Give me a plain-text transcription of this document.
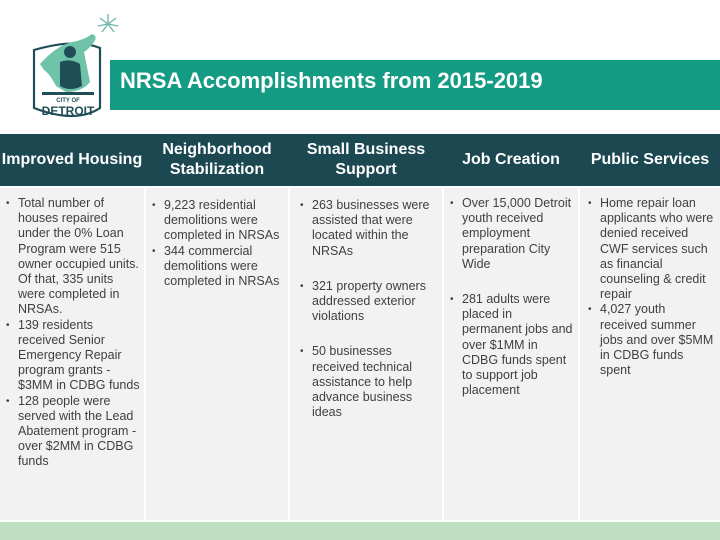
CITY OF
DETROIT
NRSA Accomplishments from 2015-2019
Improved Housing
Neighborhood Stabilization
Small Business Support
Job Creation	Public Services
• Total number of houses repaired under the 0% Loan Program were 515 owner occupied units. Of that, 335 units were completed in NRSAs.
• 139 residents received Senior Emergency Repair program grants - $3MM in CDBG funds
• 128 people were served with the Lead Abatement program - over $2MM in CDBG funds
• 9,223 residential demolitions were completed in NRSAs
• 344 commercial demolitions were completed in NRSAs
• 263 businesses were assisted that were located within the NRSAs
• 321 property owners addressed exterior violations
• 50 businesses received technical assistance to help advance business ideas
• Over 15,000 Detroit youth received employment preparation City Wide
• 281 adults were placed in permanent jobs and over $1MM in CDBG funds spent to support job placement
• Home repair loan applicants who were denied received CWF services such as financial counseling & credit repair
• 4,027 youth received summer jobs and over $5MM in CDBG funds spent
